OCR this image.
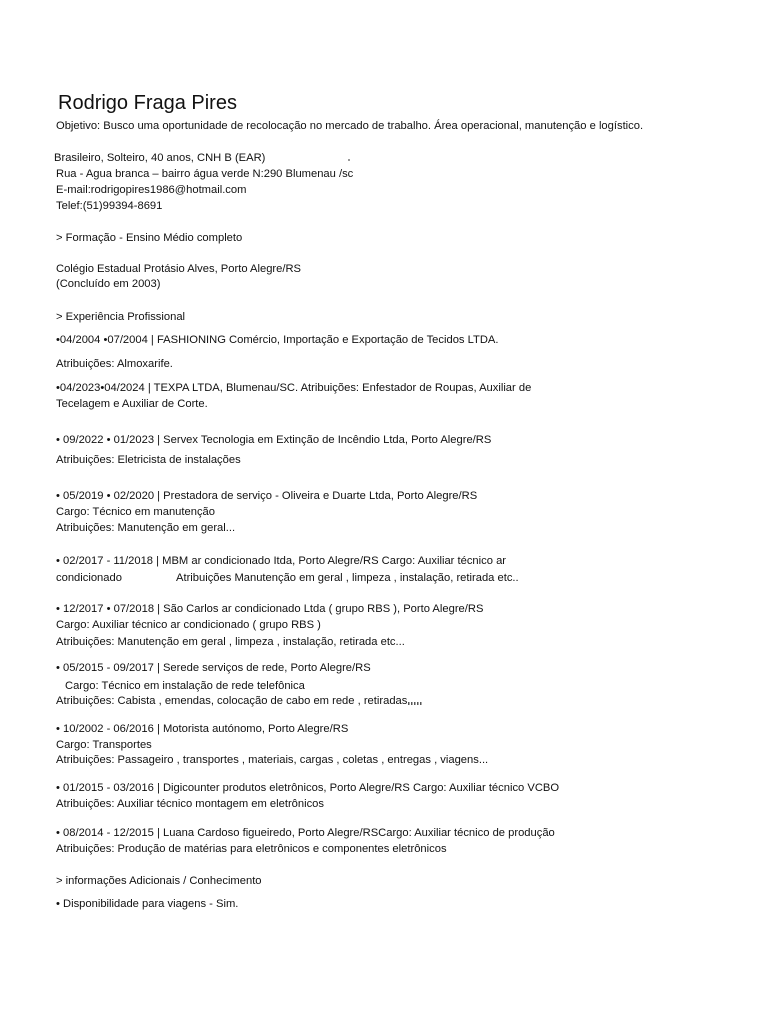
Rodrigo Fraga Pires
Objetivo: Busco uma oportunidade de recolocação no mercado de trabalho. Área operacional, manutenção e logístico.
Brasileiro, Solteiro, 40 anos, CNH B (EAR)
Rua - Agua branca – bairro água verde N:290 Blumenau /sc
E-mail:rodrigopires1986@hotmail.com
Telef:(51)99394-8691
> Formação - Ensino Médio completo
Colégio Estadual Protásio Alves, Porto Alegre/RS
(Concluído em 2003)
> Experiência Profissional
•04/2004 •07/2004 | FASHIONING Comércio, Importação e Exportação de Tecidos LTDA.
Atribuições: Almoxarife.
•04/2023•04/2024 | TEXPA LTDA, Blumenau/SC. Atribuições: Enfestador de Roupas, Auxiliar de
Tecelagem e Auxiliar de Corte.
• 09/2022 • 01/2023 | Servex Tecnologia em Extinção de Incêndio Ltda, Porto Alegre/RS
Atribuições: Eletricista de instalações
• 05/2019 • 02/2020 | Prestadora de serviço - Oliveira e Duarte Ltda, Porto Alegre/RS
Cargo: Técnico em manutenção
Atribuições: Manutenção em geral...
• 02/2017 - 11/2018 | MBM ar condicionado Itda, Porto Alegre/RS Cargo: Auxiliar técnico ar
condicionado	Atribuições Manutenção em geral , limpeza , instalação, retirada etc..
• 12/2017 • 07/2018 | São Carlos ar condicionado Ltda ( grupo RBS ), Porto Alegre/RS
Cargo: Auxiliar técnico ar condicionado ( grupo RBS )
Atribuições: Manutenção em geral , limpeza , instalação, retirada etc...
• 05/2015 - 09/2017 | Serede serviços de rede, Porto Alegre/RS
Cargo: Técnico em instalação de rede telefônica
Atribuições: Cabista , emendas, colocação de cabo em rede , retiradas
• 10/2002 - 06/2016 | Motorista autónomo, Porto Alegre/RS
Cargo: Transportes
Atribuições: Passageiro , transportes , materiais, cargas , coletas , entregas , viagens...
• 01/2015 - 03/2016 | Digicounter produtos eletrônicos, Porto Alegre/RS Cargo: Auxiliar técnico VCBO
Atribuições: Auxiliar técnico montagem em eletrônicos
• 08/2014 - 12/2015 | Luana Cardoso figueiredo, Porto Alegre/RSCargo: Auxiliar técnico de produção
Atribuições: Produção de matérias para eletrônicos e componentes eletrônicos
> informações Adicionais / Conhecimento
• Disponibilidade para viagens - Sim.
